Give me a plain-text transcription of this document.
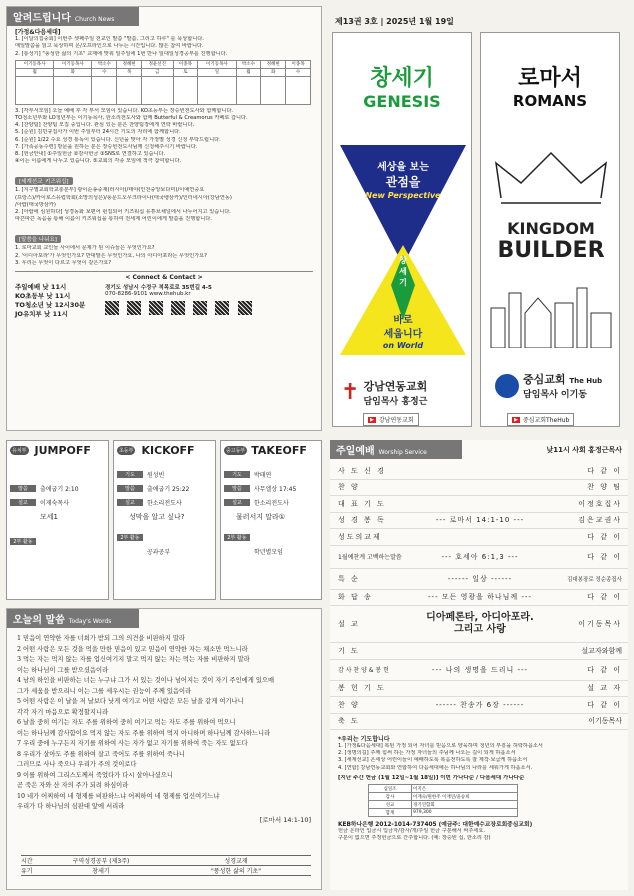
알려드립니다 Church News
[가정&다음세대]
1. [이달의집중회] 이번주 셋째주일 전교인 말씀 "말씀, 그리고 하루" 를 묵상합니다.
매일말씀을 읽고 묵상하며 온/오프라인으로 나누는 시간입니다. 많은 참여 바랍니다.
2. [통성기] "풍성한 삶의 기초" 교재에 맞춰 일주일에 1번 만나 일대일성경공부를 진행합니다.
이기동목사	이기동목사	박소수	정혜현	정윤선진	이종목	이기동목사	박소수	정혜현	이종목
월	화	수	목	금	토	일	월	화	수

3. [각부서모임] 오늘 예배 후 각 부서 모임이 있습니다. KO초등부는 장승빈전도사와 함께합니다.
TO청소년부와 LO청년부는 이기동목사, 한소리전도사와 함께 Butterful & Creamorus 카페로 갑니다.
4. [찬양팀] 찬양팀 모집 중입니다. 관심 있는 분은 찬양팀장에게 연락 바랍니다.
5. [순원] 김민규집사가 이번 주일부터 24시간 기도의 자리에 함께합니다.
6. [순원] 1/22 수요 성경 통독이 있습니다. 신년을 맞아 각 가정별 성경 신청 부탁드립니다.
7. [가족공동수련] 방문을 원하는 분은 장승빈전도사님께 신청해주시기 바랍니다.
8. [헌금안내] ①주일헌금 ②감사헌금 ③SNS로 연결하고 있습니다.
④이는 이름에게 나누고 있습니다. ⑤교회의 각종 모임에 적극 참여합니다.
[세계선교_키즈워십]
1. [지구별교회학교충분부] 광이순송중재(러시아)/태야(인천중앙보다미)/이예연중요
(프랑스)/카이로스유럽학회(소망의성은)/풍문드오우크라이나(태국뱅삼카)/인터네시아(강남연동)
/아랍(태국방삼카)
2. [아랍에 심원하다] 성경동화 보편어 펀집되어 키즈워십 유튜브채널에서 나누어지고 있습니다.
따끈따끈 녹음을 통해 이름이 키즈워십을 통하여 전세계 어린이에게 말씀을 진행합니다.
[말씀을 나눠요]
1. 로마교회 교인들 사이에서 문제가 된 이슈들은 무엇인가요?
2. '이디아포라'가 무엇인가요? 반대말은 무엇인가요, 나의 아디아포라는 무엇인가요?
3. 우리는 무엇이 다르고 무엇이 같은가요?
< Connect & Contact >
주일예배 낮 11시
KO초등부 낮 11시
TO청소년 낮 12시30분
JO유치부 낮 11시
경기도 성남시 수정구 적목로로 35번길 4-5
070-8286-9101 www.thehub.kr

제13권 3호 | 2025년 1월 19일
창세기
GENESIS
세상을 보는
관점을
New Perspective
창
세
기
바로
세웁니다
on World
✝ 강남연동교회
담임목사 홍정근
▶ 강남연동교회
로마서
ROMANS
KINGDOM
BUILDER
중심교회 The Hub
담임목사 이기동
▶ 중심교회TheHub
유치부 JUMPOFF
말씀	출애굽기 2:10
설교	이재숙목사
모세1
2부 활동
초등부 KICKOFF
기도	원성빈
말씀	출애굽기 25:22
설교	한소리전도사
성막을 알고 싶나?
2부 활동
공과공부
중고등부 TAKEOFF
기도	박태연
말씀	사무엘상 17:45
설교	한소리전도사
물러서지 말라①
2부 활동
학년별모임
오늘의 말씀 Today's Words
1 믿음이 연약한 자를 너희가 받되 그의 의견을 비판하지 말라
2 어떤 사람은 모든 것을 먹을 만한 믿음이 있고 믿음이 연약한 자는 채소만 먹느니라
3 먹는 자는 먹지 않는 자를 업신여기지 말고 먹지 않는 자는 먹는 자를 비판하지 말라
이는 하나님이 그를 받으셨음이라
4 남의 하인을 비판하는 너는 누구냐 그가 서 있는 것이나 넘어지는 것이 자기 주인에게 있으매
그가 세움을 받으리니 이는 그를 세우시는 권능이 주께 있음이라
5 어떤 사람은 이 날을 저 날보다 낫게 여기고 어떤 사람은 모든 날을 같게 여기나니
각각 자기 마음으로 확정할지니라
6 날을 중히 여기는 자도 주를 위하여 중히 여기고 먹는 자도 주를 위하여 먹으니
이는 하나님께 감사함이요 먹지 않는 자도 주를 위하여 먹지 아니하며 하나님께 감사하느니라
7 우리 중에 누구든지 자기를 위하여 사는 자가 없고 자기를 위하여 죽는 자도 없도다
8 우리가 살아도 주를 위하여 살고 죽어도 주를 위하여 죽나니
그러므로 사나 죽으나 우리가 주의 것이로다
9 이를 위하여 그리스도께서 죽었다가 다시 살아나셨으니
곧 죽은 자와 산 자의 주가 되려 하심이라
10 네가 어찌하여 네 형제를 비판하느냐 어찌하여 네 형제를 업신여기느냐
우리가 다 하나님의 심판대 앞에 서리라
[로마서 14:1-10]
시간	구역성경공부 (제3주)	성경교재
유기	창세기	"풍성한 삶의 기초"
주일예배 Worship Service	낮11시 사회 홍정근목사
사 도 신 경	다 같 이
찬 양	찬 양 팀
대 표 기 도	이정호집사
성 경 봉 독	--- 로마서 14:1-10 ---	김은교권사
성도의교제	다 같 이
1월예찬계 고백하는말씀	--- 호세아 6:1,3 ---	다 같 이
특 순	------ 일상 ------	김대봉장로 정순종집사
화 답 송	--- 모든 영광을 하나님께 ---	다 같 이
설 교
디아페론타, 아디아포라.
그리고 사랑	이기동목사
기 도	설교자와함께
감 사 찬 양 & 봉 헌	--- 나의 생명을 드리니 ---	다 같 이
봉 헌 기 도	설 교 자
찬 양	------ 찬송가 6장 ------	다 같 이
축 도	이기동목사
*우리는 기도합니다
1. [가정&다음세대] 복된 가정 되어 자녀를 믿음으로 양육하며 청년의 부흥을 허락하옵소서
2. [생명의길] 주께 힘써 하는 가정 자녀들의 주님께 나오는 길이 되게 하옵소서
3. [세계선교] 온세상 어린이들이 예배하도록 복음전하도록 잘 제작·보급케 하옵소서
4. [연합] 강남연동교회와 연합하여 다음세대예는 하나님의 나라를 세워가게 하옵소서.
[지난 주간 헌금 (1월 12일~1월 18일)] 이번 가나다순 / 다음세대 가나다순
십일조	이지은
감사	이재숙/원한주 이재연/윤승희
선교	경기연합회
합계	979,300
KEB하나은행 2012-1014-737405 (예금주: 대한예수교장로회중심교회)
헌금 온라인 입금시 입금자/감사/개/주일 헌금 구분해서 써주세요.
구분이 없으면 주정헌금으로 간주합니다. (예: 장승빈 십, 한소리 감)
